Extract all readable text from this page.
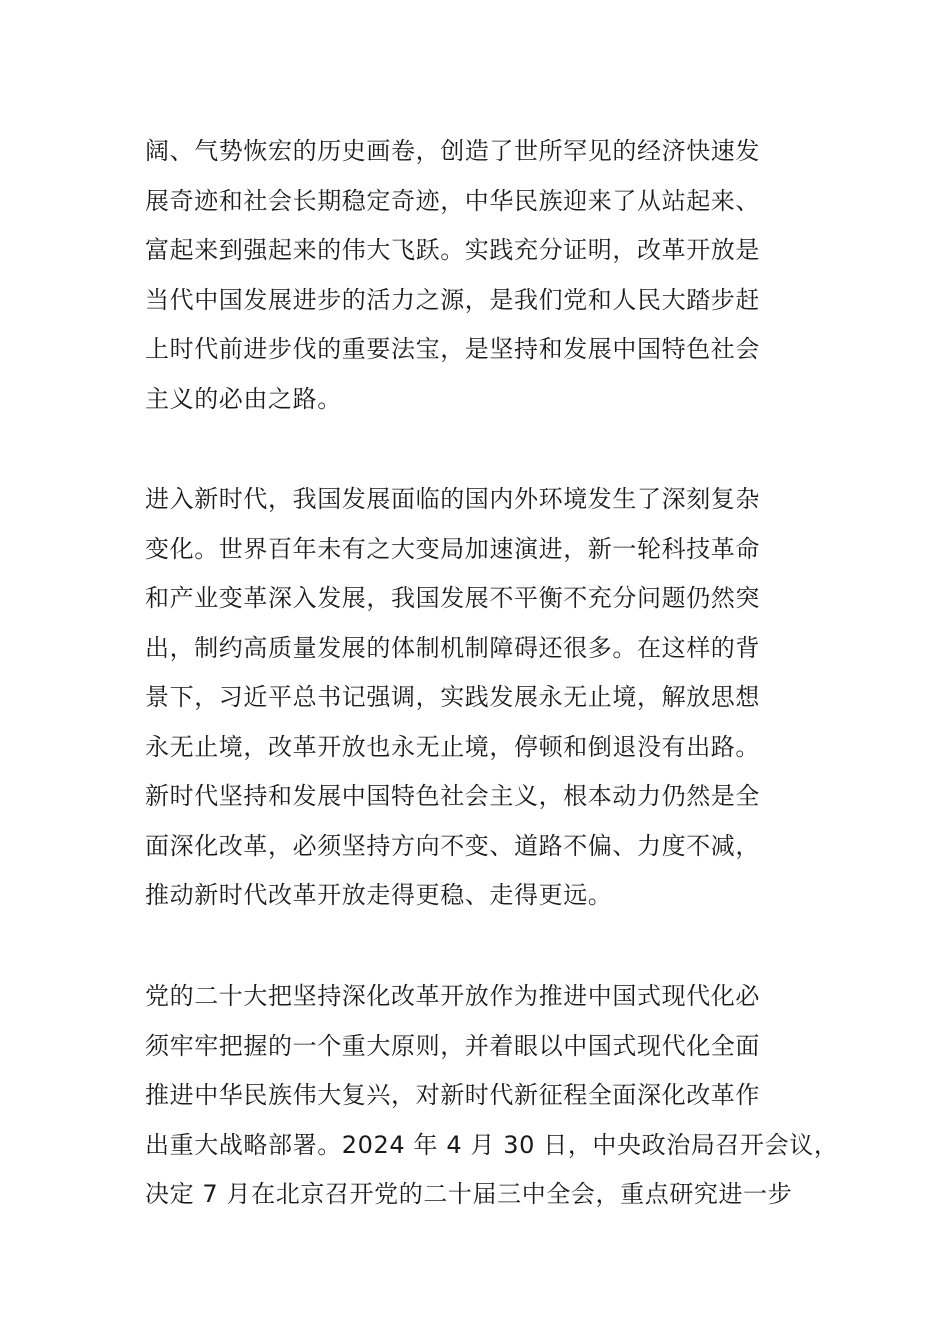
阔、气势恢宏的历史画卷，创造了世所罕见的经济快速发
展奇迹和社会长期稳定奇迹，中华民族迎来了从站起来、
富起来到强起来的伟大飞跃。实践充分证明，改革开放是
当代中国发展进步的活力之源，是我们党和人民大踏步赶
上时代前进步伐的重要法宝，是坚持和发展中国特色社会
主义的必由之路。
进入新时代，我国发展面临的国内外环境发生了深刻复杂
变化。世界百年未有之大变局加速演进，新一轮科技革命
和产业变革深入发展，我国发展不平衡不充分问题仍然突
出，制约高质量发展的体制机制障碍还很多。在这样的背
景下，习近平总书记强调，实践发展永无止境，解放思想
永无止境，改革开放也永无止境，停顿和倒退没有出路。
新时代坚持和发展中国特色社会主义，根本动力仍然是全
面深化改革，必须坚持方向不变、道路不偏、力度不减，
推动新时代改革开放走得更稳、走得更远。
党的二十大把坚持深化改革开放作为推进中国式现代化必
须牢牢把握的一个重大原则，并着眼以中国式现代化全面
推进中华民族伟大复兴，对新时代新征程全面深化改革作
出重大战略部署。2024 年 4 月 30 日，中央政治局召开会议，
决定 7 月在北京召开党的二十届三中全会，重点研究进一步
